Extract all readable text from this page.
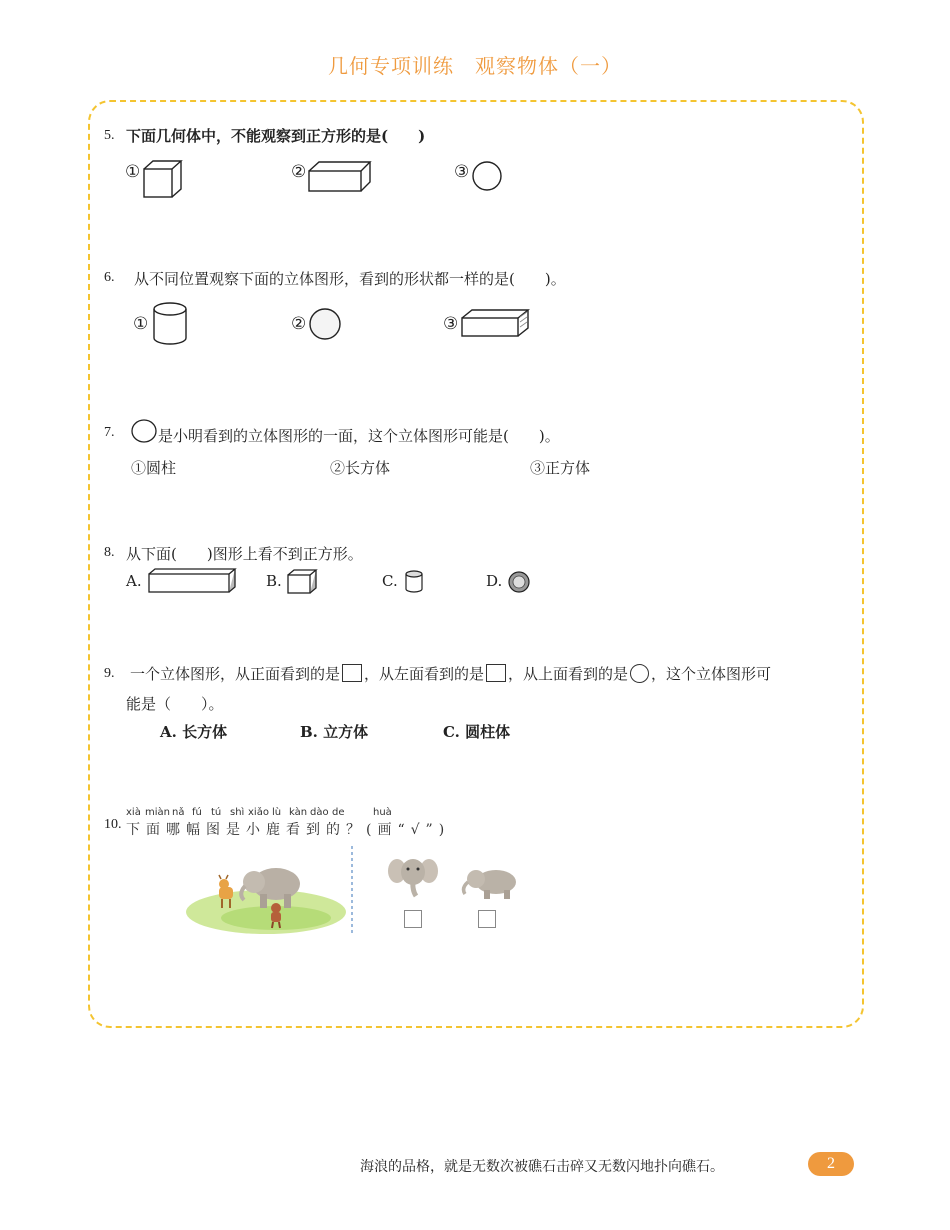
几何专项训练　观察物体（一）
5. 下面几何体中，不能观察到正方形的是(　　)
①	②	③
6. 从不同位置观察下面的立体图形，看到的形状都一样的是(　　)。
①	②	③
7.	是小明看到的立体图形的一面，这个立体图形可能是(　　)。
①圆柱	②长方体	③正方体
8. 从下面(　　)图形上看不到正方形。
A.	B.	C.	D.
9. 一个立体图形，从正面看到的是 ，从左面看到的是 ，从上面看到的是 ，这个立体图形可
能是（　　）。
A. 长方体	B. 立方体	C. 圆柱体
10.
xià miàn nǎ fú tú shì xiǎo lù kàn dào de	huà
下面哪幅图是小鹿看到的？(画“√”)
海浪的品格，就是无数次被礁石击碎又无数闪地扑向礁石。	2
